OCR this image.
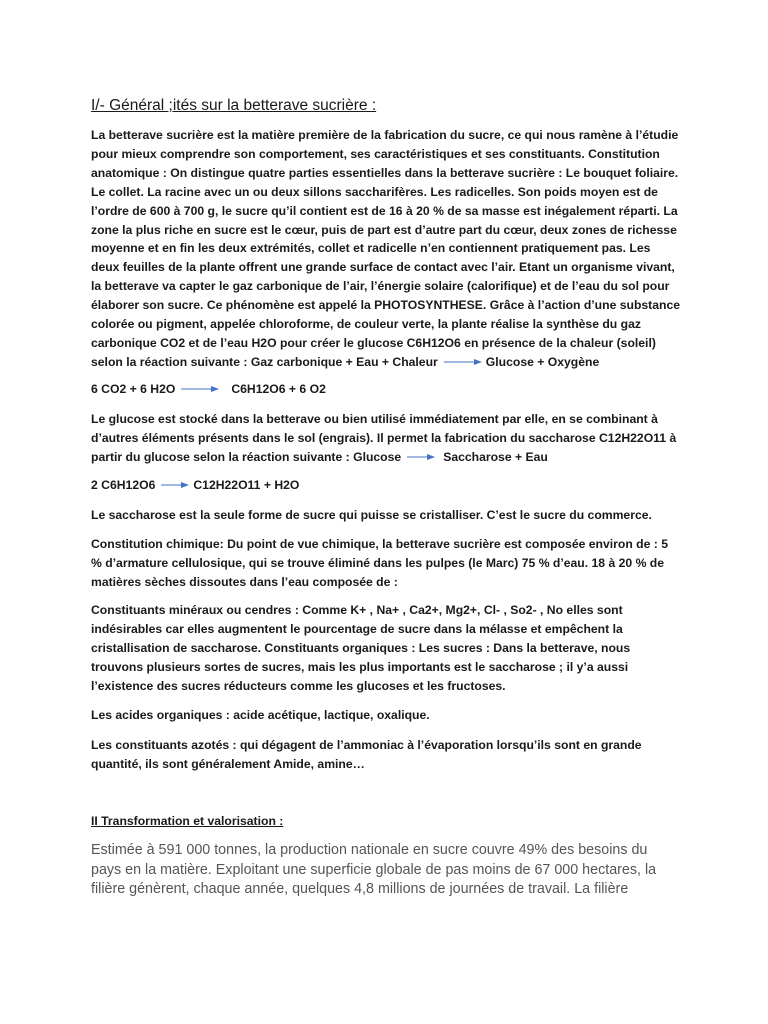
I/- Général ;ités sur la betterave sucrière :

La betterave sucrière est la matière première de la fabrication du sucre, ce qui nous ramène à l’étudie pour mieux comprendre son comportement, ses caractéristiques et ses constituants. Constitution anatomique : On distingue quatre parties essentielles dans la betterave sucrière : Le bouquet foliaire. Le collet. La racine avec un ou deux sillons saccharifères. Les radicelles. Son poids moyen est de l’ordre de 600 à 700 g, le sucre qu’il contient est de 16 à 20 % de sa masse est inégalement réparti. La zone la plus riche en sucre est le cœur, puis de part est d’autre part du cœur, deux zones de richesse moyenne et en fin les deux extrémités, collet et radicelle n’en contiennent pratiquement pas. Les deux feuilles de la plante offrent une grande surface de contact avec l’air. Etant un organisme vivant, la betterave va capter le gaz carbonique de l’air, l’énergie solaire (calorifique) et de l’eau du sol pour élaborer son sucre. Ce phénomène est appelé la PHOTOSYNTHESE. Grâce à l’action d’une substance colorée ou pigment, appelée chloroforme, de couleur verte, la plante réalise la synthèse du gaz carbonique CO2 et de l’eau H2O pour créer le glucose C6H12O6 en présence de la chaleur (soleil) selon la réaction suivante : Gaz carbonique + Eau + Chaleur	Glucose + Oxygène

6 CO2 + 6 H2O	C6H12O6 + 6 O2

Le glucose est stocké dans la betterave ou bien utilisé immédiatement par elle, en se combinant à d’autres éléments présents dans le sol (engrais). Il permet la fabrication du saccharose C12H22O11 à partir du glucose selon la réaction suivante : Glucose	Saccharose + Eau

2 C6H12O6	C12H22O11 + H2O

Le saccharose est la seule forme de sucre qui puisse se cristalliser. C’est le sucre du commerce.

Constitution chimique: Du point de vue chimique, la betterave sucrière est composée environ de : 5 % d’armature cellulosique, qui se trouve éliminé dans les pulpes (le Marc) 75 % d’eau. 18 à 20 % de matières sèches dissoutes dans l’eau composée de :

Constituants minéraux ou cendres : Comme K+ , Na+ , Ca2+, Mg2+, Cl- , So2- , No elles sont indésirables car elles augmentent le pourcentage de sucre dans la mélasse et empêchent la cristallisation de saccharose. Constituants organiques : Les sucres : Dans la betterave, nous trouvons plusieurs sortes de sucres, mais les plus importants est le saccharose ; il y’a aussi l’existence des sucres réducteurs comme les glucoses et les fructoses.

Les acides organiques : acide acétique, lactique, oxalique.

Les constituants azotés : qui dégagent de l’ammoniac à l’évaporation lorsqu’ils sont en grande quantité, ils sont généralement Amide, amine…

II Transformation et valorisation :

Estimée à 591 000 tonnes, la production nationale en sucre couvre 49% des besoins du pays en la matière. Exploitant une superficie globale de pas moins de 67 000 hectares, la filière génèrent, chaque année, quelques 4,8 millions de journées de travail. La filière
